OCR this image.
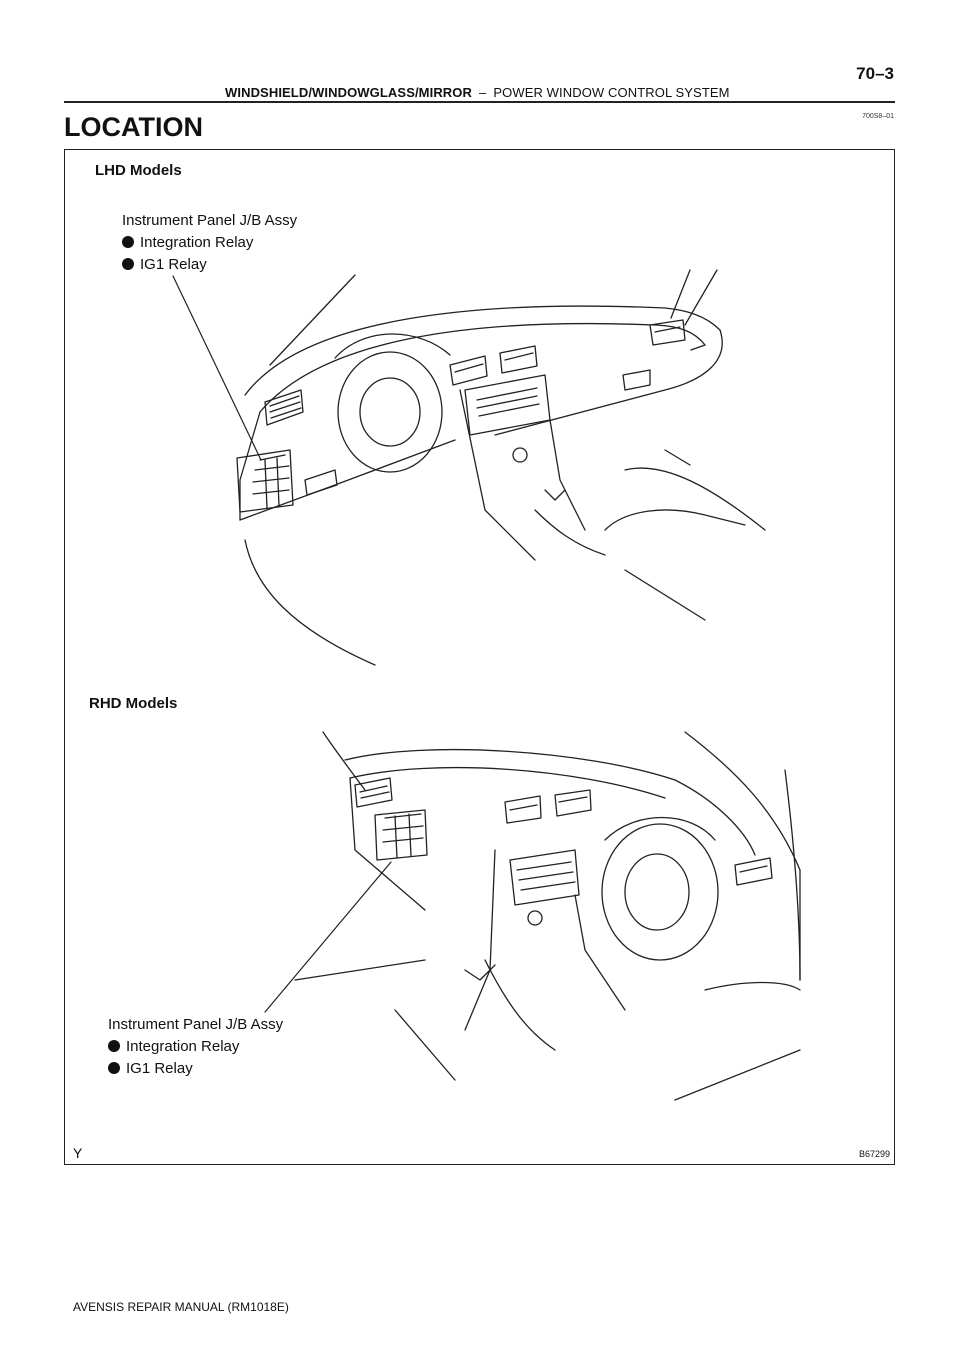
WINDSHIELD/WINDOWGLASS/MIRROR – POWER WINDOW CONTROL SYSTEM
70–3
LOCATION	700S8–01
LHD Models
Instrument Panel J/B Assy
Integration Relay
IG1 Relay
RHD Models
Instrument Panel J/B Assy
Integration Relay
IG1 Relay
Y	B67299
AVENSIS REPAIR MANUAL (RM1018E)
